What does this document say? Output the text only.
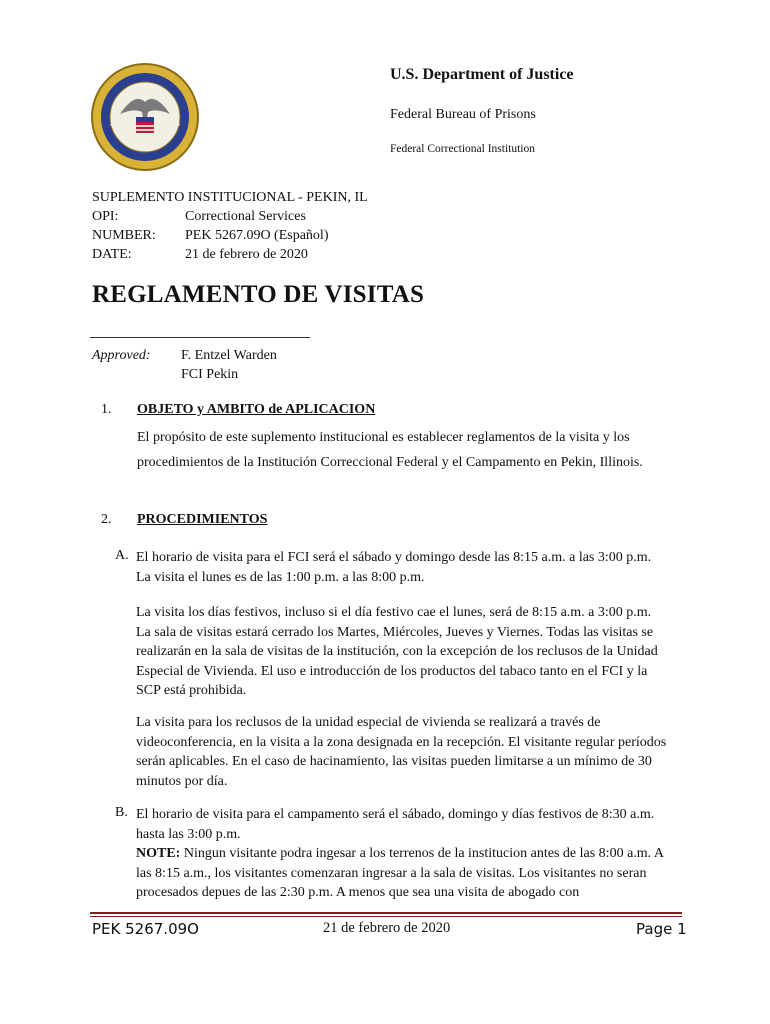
U.S. Department of Justice
Federal Bureau of Prisons
Federal Correctional Institution
SUPLEMENTO INSTITUCIONAL - PEKIN, IL
OPI:	Correctional Services
NUMBER: PEK 5267.09O (Español)
DATE:	21 de febrero de 2020
REGLAMENTO DE VISITAS
Approved: F. Entzel Warden
FCI Pekin
1. OBJETO y AMBITO de APLICACION
El propósito de este suplemento institucional es establecer reglamentos de la visita y los procedimientos de la Institución Correccional Federal y el Campamento en Pekin, Illinois.
2. PROCEDIMIENTOS
A. El horario de visita para el FCI será el sábado y domingo desde las 8:15 a.m. a las 3:00 p.m. La visita el lunes es de las 1:00 p.m. a las 8:00 p.m.
La visita los días festivos, incluso si el día festivo cae el lunes, será de 8:15 a.m. a 3:00 p.m. La sala de visitas estará cerrado los Martes, Miércoles, Jueves y Viernes. Todas las visitas se realizarán en la sala de visitas de la institución, con la excepción de los reclusos de la Unidad Especial de Vivienda. El uso e introducción de los productos del tabaco tanto en el FCI y la SCP está prohibida.
La visita para los reclusos de la unidad especial de vivienda se realizará a través de videoconferencia, en la visita a la zona designada en la recepción. El visitante regular períodos serán aplicables. En el caso de hacinamiento, las visitas pueden limitarse a un mínimo de 30 minutos por día.
B. El horario de visita para el campamento será el sábado, domingo y días festivos de 8:30 a.m. hasta las 3:00 p.m.
NOTE: Ningun visitante podra ingesar a los terrenos de la institucion antes de las 8:00 a.m. A las 8:15 a.m., los visitantes comenzaran ingresar a la sala de visitas. Los visitantes no seran procesados depues de las 2:30 p.m. A menos que sea una visita de abogado con
PEK 5267.09O	21 de febrero de 2020	Page 1
